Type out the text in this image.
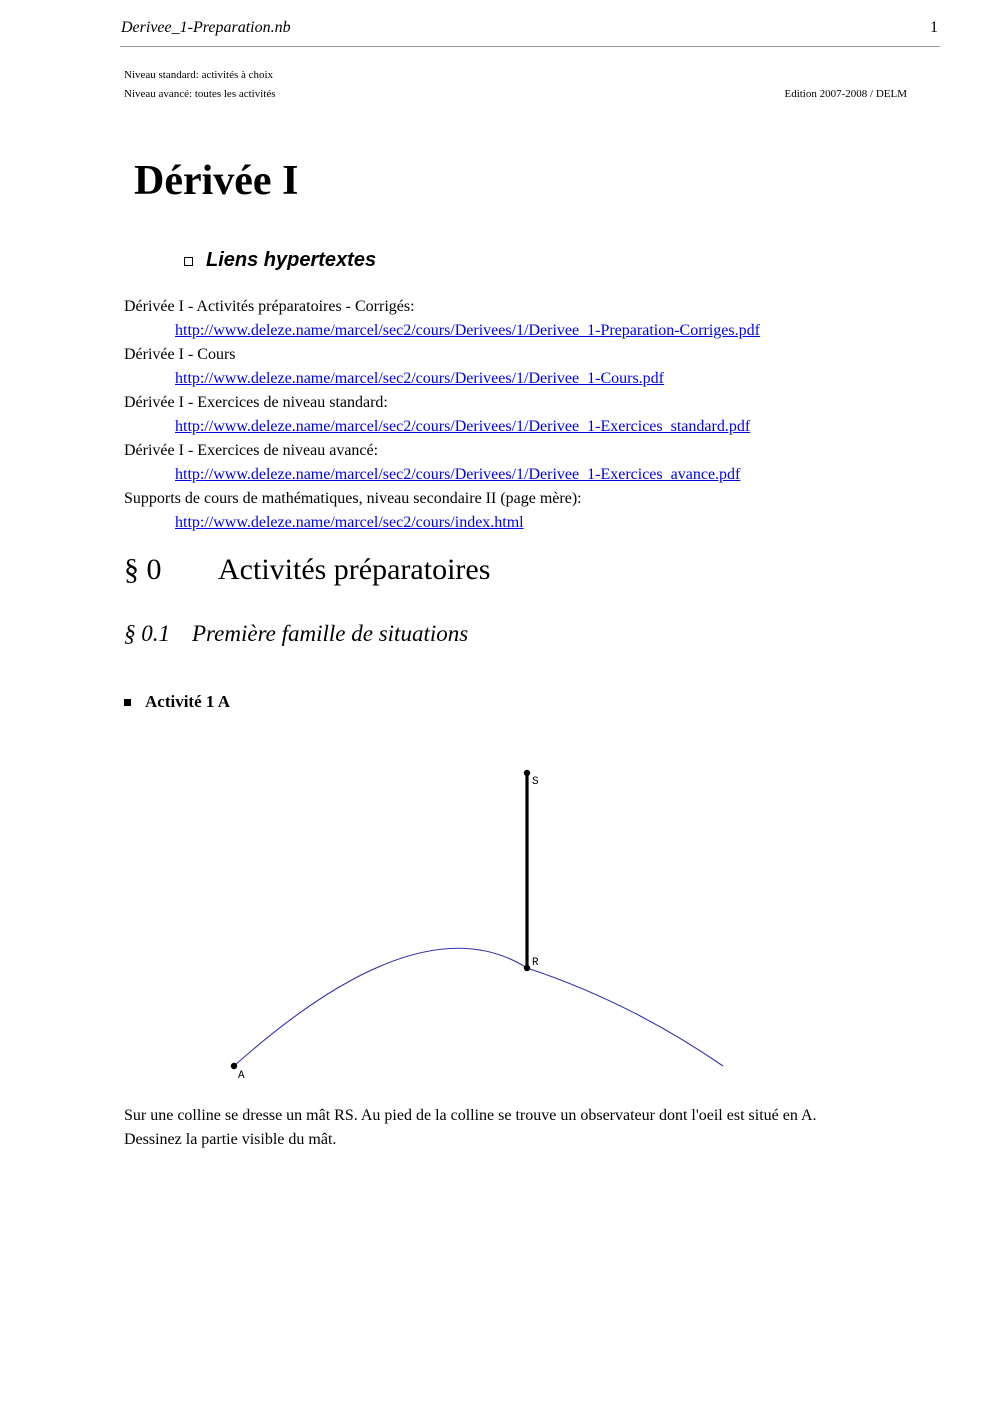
Derivee_1-Preparation.nb	1
Niveau standard: activités à choix
Niveau avancé: toutes les activités	Edition 2007-2008 / DELM
Dérivée I
Liens hypertextes
Dérivée I - Activités préparatoires - Corrigés:
http://www.deleze.name/marcel/sec2/cours/Derivees/1/Derivee_1-Preparation-Corriges.pdf
Dérivée I - Cours
http://www.deleze.name/marcel/sec2/cours/Derivees/1/Derivee_1-Cours.pdf
Dérivée I - Exercices de niveau standard:
http://www.deleze.name/marcel/sec2/cours/Derivees/1/Derivee_1-Exercices_standard.pdf
Dérivée I - Exercices de niveau avancé:
http://www.deleze.name/marcel/sec2/cours/Derivees/1/Derivee_1-Exercices_avance.pdf
Supports de cours de mathématiques, niveau secondaire II (page mère):
http://www.deleze.name/marcel/sec2/cours/index.html
§ 0 Activités préparatoires
§ 0.1 Première famille de situations
Activité 1 A
S
R
A
Sur une colline se dresse un mât RS. Au pied de la colline se trouve un observateur dont l'oeil est situé en A.
Dessinez la partie visible du mât.
